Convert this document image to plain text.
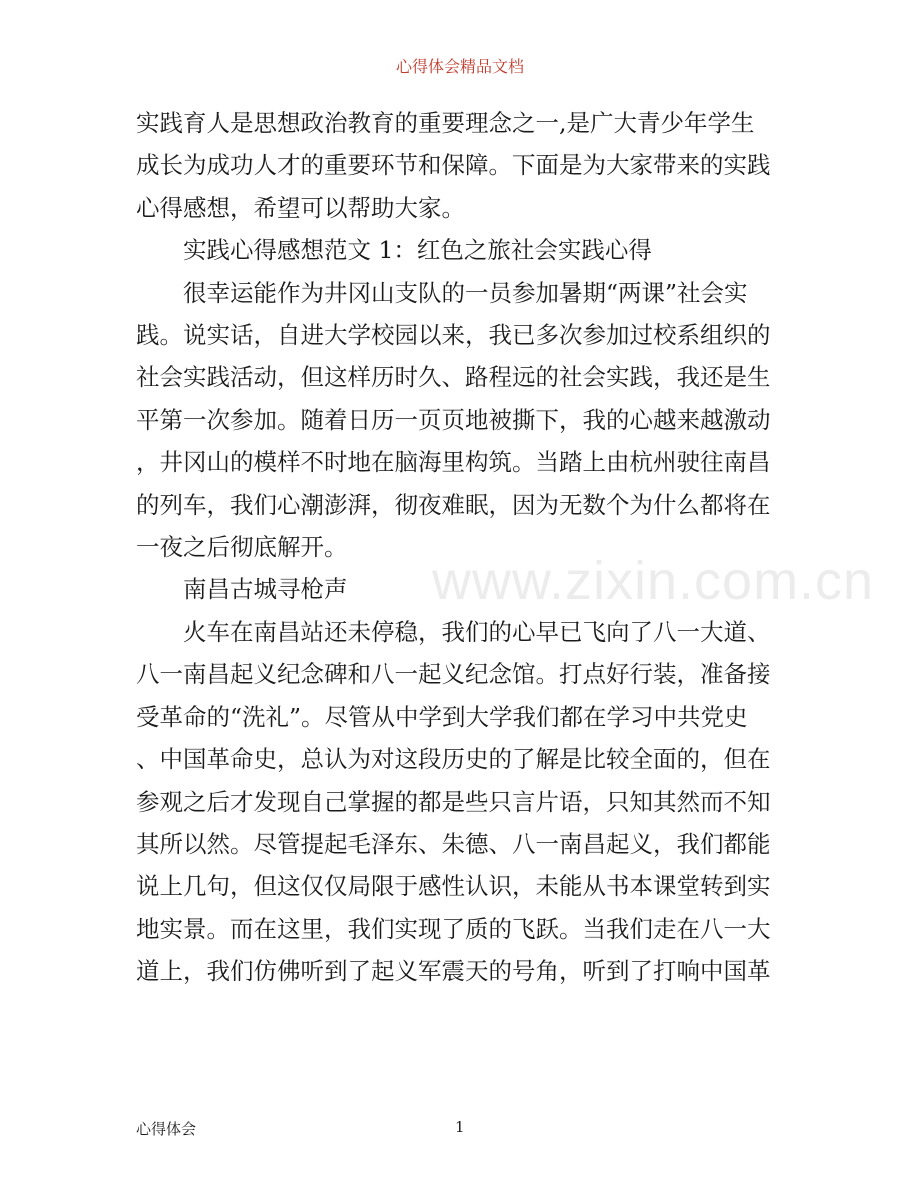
心得体会精品文档

实践育人是思想政治教育的重要理念之一,是广大青少年学生
成长为成功人才的重要环节和保障。下面是为大家带来的实践
心得感想，希望可以帮助大家。

实践心得感想范文 1：红色之旅社会实践心得

很幸运能作为井冈山支队的一员参加暑期“两课”社会实
践。说实话，自进大学校园以来，我已多次参加过校系组织的
社会实践活动，但这样历时久、路程远的社会实践，我还是生
平第一次参加。随着日历一页页地被撕下，我的心越来越激动
，井冈山的模样不时地在脑海里构筑。当踏上由杭州驶往南昌
的列车，我们心潮澎湃，彻夜难眠，因为无数个为什么都将在
一夜之后彻底解开。

南昌古城寻枪声

火车在南昌站还未停稳，我们的心早已飞向了八一大道、
八一南昌起义纪念碑和八一起义纪念馆。打点好行装，准备接
受革命的“洗礼”。尽管从中学到大学我们都在学习中共党史
、中国革命史，总认为对这段历史的了解是比较全面的，但在
参观之后才发现自己掌握的都是些只言片语，只知其然而不知
其所以然。尽管提起毛泽东、朱德、八一南昌起义，我们都能
说上几句，但这仅仅局限于感性认识，未能从书本课堂转到实
地实景。而在这里，我们实现了质的飞跃。当我们走在八一大
道上，我们仿佛听到了起义军震天的号角，听到了打响中国革

www.zixin.com.cn
心得体会	1
